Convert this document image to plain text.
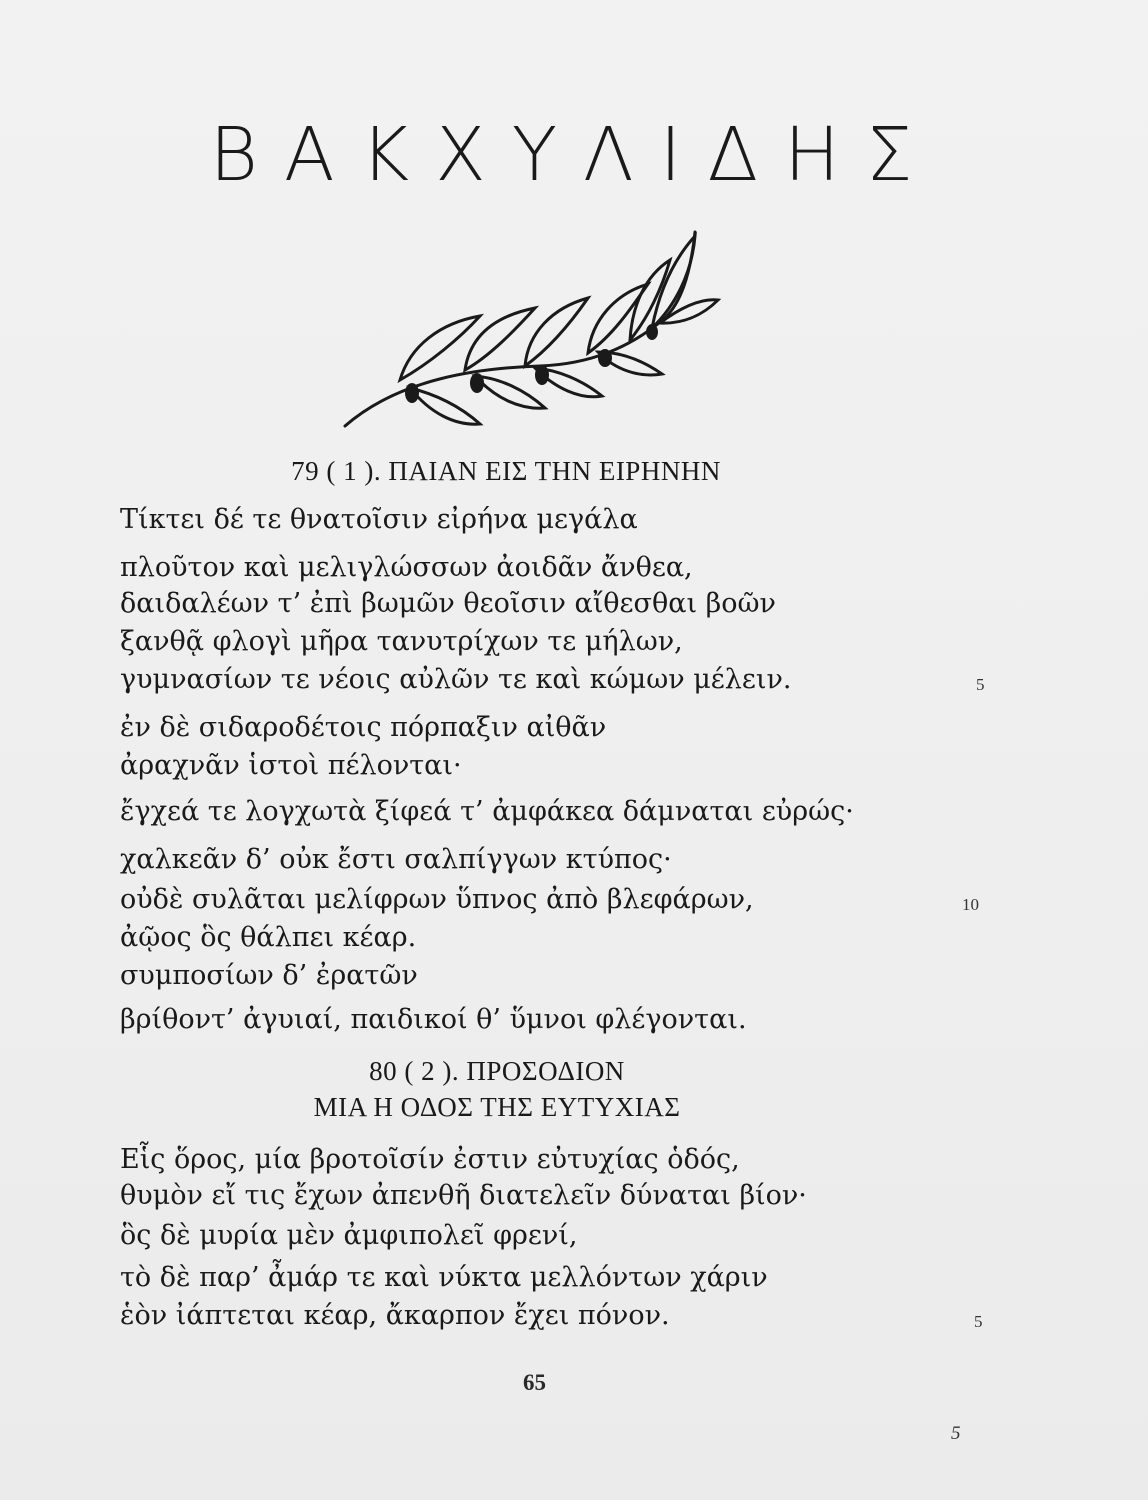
ΒΑΚΧΥΛΙΔΗΣ
79 ( 1 ). ΠΑΙΑΝ ΕΙΣ ΤΗΝ ΕΙΡΗΝΗΝ
Τίκτει δέ τε θνατοῖσιν εἰρήνα μεγάλα
πλοῦτον καὶ μελιγλώσσων ἀοιδᾶν ἄνθεα,
δαιδαλέων τ’ ἐπὶ βωμῶν θεοῖσιν αἴθεσθαι βοῶν
ξανθᾷ φλογὶ μῆρα τανυτρίχων τε μήλων,
γυμνασίων τε νέοις αὐλῶν τε καὶ κώμων μέλειν.	5
ἐν δὲ σιδαροδέτοις πόρπαξιν αἰθᾶν
ἀραχνᾶν ἱστοὶ πέλονται·
ἔγχεά τε λογχωτὰ ξίφεά τ’ ἀμφάκεα δάμναται εὐρώς·
χαλκεᾶν δ’ οὐκ ἔστι σαλπίγγων κτύπος·
οὐδὲ συλᾶται μελίφρων ὕπνος ἀπὸ βλεφάρων,	10
ἀῷος ὃς θάλπει κέαρ.
συμποσίων δ’ ἐρατῶν
βρίθοντ’ ἀγυιαί, παιδικοί θ’ ὕμνοι φλέγονται.
80 ( 2 ). ΠΡΟΣΟΔΙΟΝ
ΜΙΑ Η ΟΔΟΣ ΤΗΣ ΕΥΤΥΧΙΑΣ
Εἷς ὅρος, μία βροτοῖσίν ἐστιν εὐτυχίας ὁδός,
θυμὸν εἴ τις ἔχων ἀπενθῆ διατελεῖν δύναται βίον·
ὃς δὲ μυρία μὲν ἀμφιπολεῖ φρενί,
τὸ δὲ παρ’ ἆμάρ τε καὶ νύκτα μελλόντων χάριν
ἑὸν ἰάπτεται κέαρ, ἄκαρπον ἔχει πόνον.	5
65
5
